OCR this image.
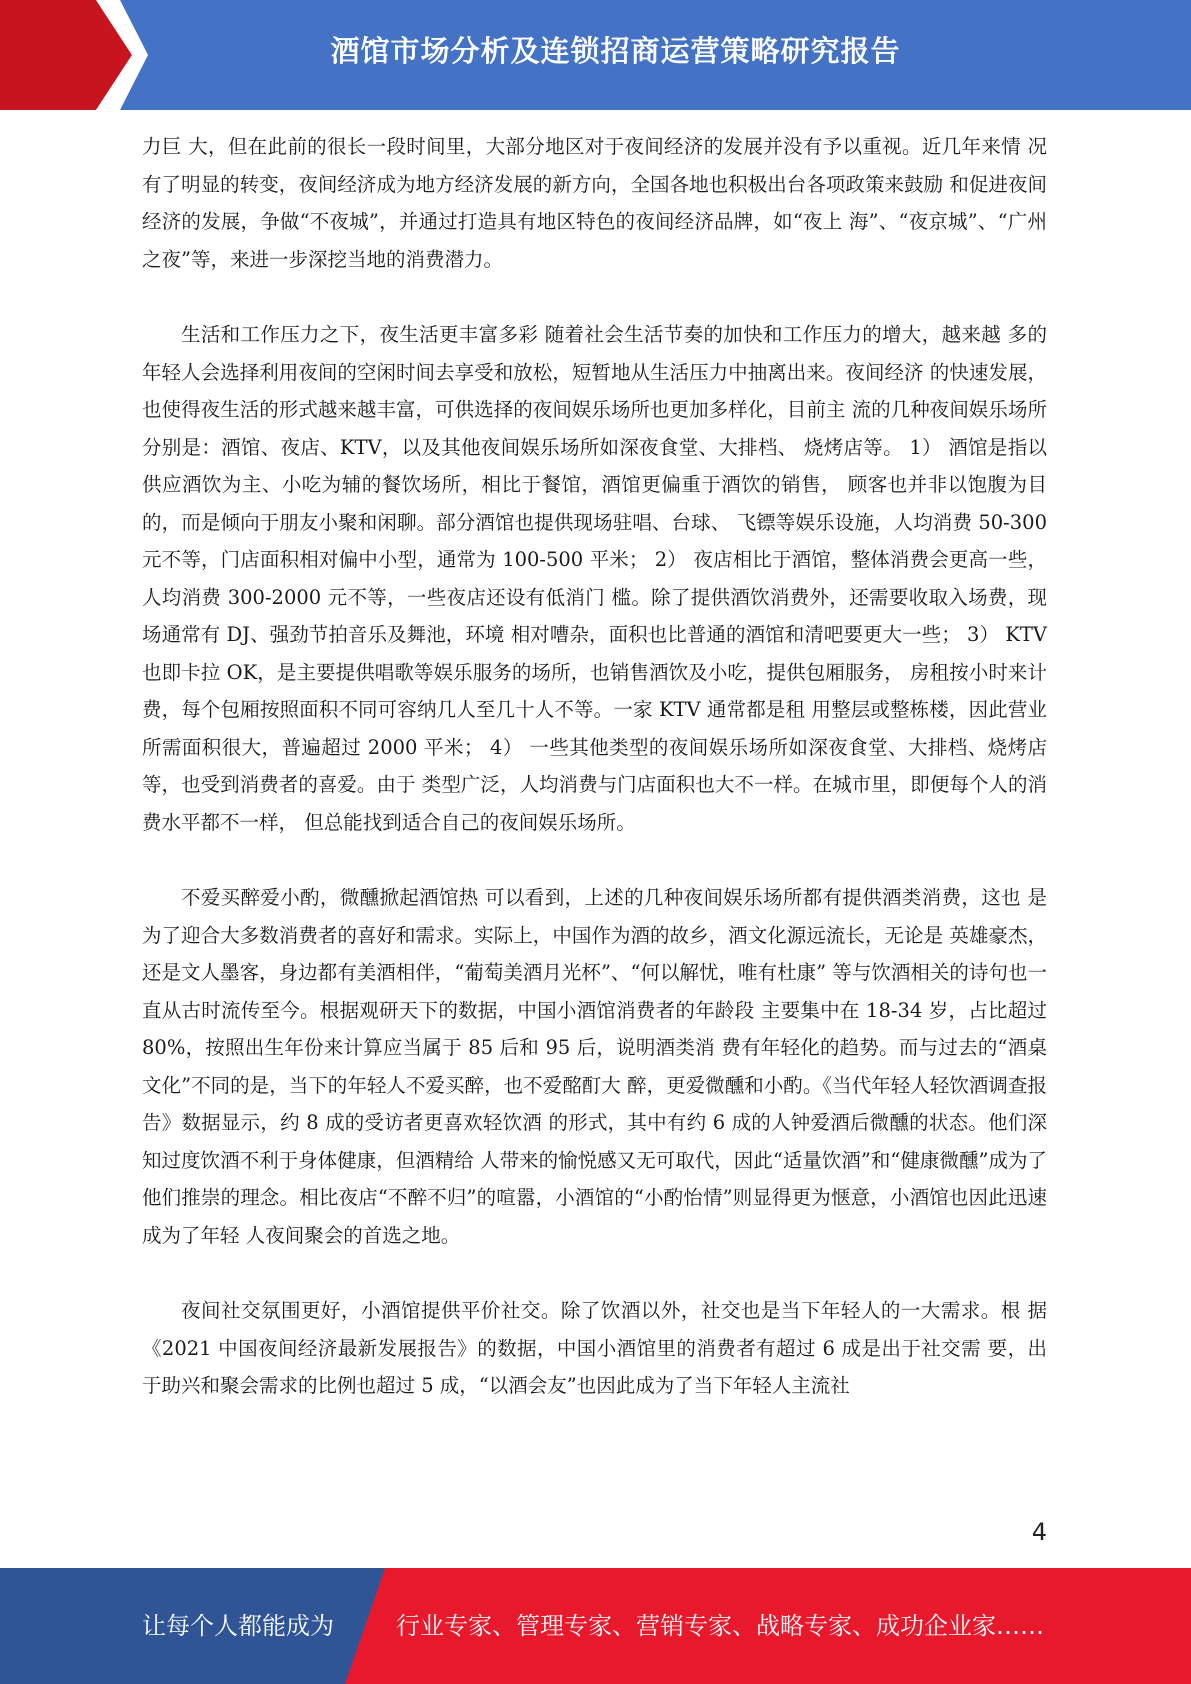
酒馆市场分析及连锁招商运营策略研究报告

力巨 大，但在此前的很长一段时间里，大部分地区对于夜间经济的发展并没有予以重视。近几年来情 况有了明显的转变，夜间经济成为地方经济发展的新方向，全国各地也积极出台各项政策来鼓励 和促进夜间经济的发展，争做“不夜城”，并通过打造具有地区特色的夜间经济品牌，如“夜上 海”、“夜京城”、“广州之夜”等，来进一步深挖当地的消费潜力。

生活和工作压力之下，夜生活更丰富多彩 随着社会生活节奏的加快和工作压力的增大，越来越 多的年轻人会选择利用夜间的空闲时间去享受和放松，短暂地从生活压力中抽离出来。夜间经济 的快速发展，也使得夜生活的形式越来越丰富，可供选择的夜间娱乐场所也更加多样化，目前主 流的几种夜间娱乐场所分别是：酒馆、夜店、KTV，以及其他夜间娱乐场所如深夜食堂、大排档、 烧烤店等。 1） 酒馆是指以供应酒饮为主、小吃为辅的餐饮场所，相比于餐馆，酒馆更偏重于酒饮的销售， 顾客也并非以饱腹为目的，而是倾向于朋友小聚和闲聊。部分酒馆也提供现场驻唱、台球、 飞镖等娱乐设施，人均消费 50-300 元不等，门店面积相对偏中小型，通常为 100-500 平米； 2） 夜店相比于酒馆，整体消费会更高一些，人均消费 300-2000 元不等，一些夜店还设有低消门 槛。除了提供酒饮消费外，还需要收取入场费，现场通常有 DJ、强劲节拍音乐及舞池，环境 相对嘈杂，面积也比普通的酒馆和清吧要更大一些； 3） KTV 也即卡拉 OK，是主要提供唱歌等娱乐服务的场所，也销售酒饮及小吃，提供包厢服务， 房租按小时来计费，每个包厢按照面积不同可容纳几人至几十人不等。一家 KTV 通常都是租 用整层或整栋楼，因此营业所需面积很大，普遍超过 2000 平米； 4） 一些其他类型的夜间娱乐场所如深夜食堂、大排档、烧烤店等，也受到消费者的喜爱。由于 类型广泛，人均消费与门店面积也大不一样。在城市里，即便每个人的消费水平都不一样， 但总能找到适合自己的夜间娱乐场所。

不爱买醉爱小酌，微醺掀起酒馆热 可以看到，上述的几种夜间娱乐场所都有提供酒类消费，这也 是为了迎合大多数消费者的喜好和需求。实际上，中国作为酒的故乡，酒文化源远流长，无论是 英雄豪杰，还是文人墨客，身边都有美酒相伴，“葡萄美酒月光杯”、“何以解忧，唯有杜康” 等与饮酒相关的诗句也一直从古时流传至今。根据观研天下的数据，中国小酒馆消费者的年龄段 主要集中在 18-34 岁，占比超过 80%，按照出生年份来计算应当属于 85 后和 95 后，说明酒类消 费有年轻化的趋势。而与过去的“酒桌文化”不同的是，当下的年轻人不爱买醉，也不爱酩酊大 醉，更爱微醺和小酌。《当代年轻人轻饮酒调查报告》数据显示，约 8 成的受访者更喜欢轻饮酒 的形式，其中有约 6 成的人钟爱酒后微醺的状态。他们深知过度饮酒不利于身体健康，但酒精给 人带来的愉悦感又无可取代，因此“适量饮酒”和“健康微醺”成为了他们推崇的理念。相比夜店“不醉不归”的喧嚣，小酒馆的“小酌怡情”则显得更为惬意，小酒馆也因此迅速成为了年轻 人夜间聚会的首选之地。

夜间社交氛围更好，小酒馆提供平价社交。除了饮酒以外，社交也是当下年轻人的一大需求。根 据《2021 中国夜间经济最新发展报告》的数据，中国小酒馆里的消费者有超过 6 成是出于社交需 要，出于助兴和聚会需求的比例也超过 5 成，“以酒会友”也因此成为了当下年轻人主流社

4
让每个人都能成为	行业专家、管理专家、营销专家、战略专家、成功企业家……
